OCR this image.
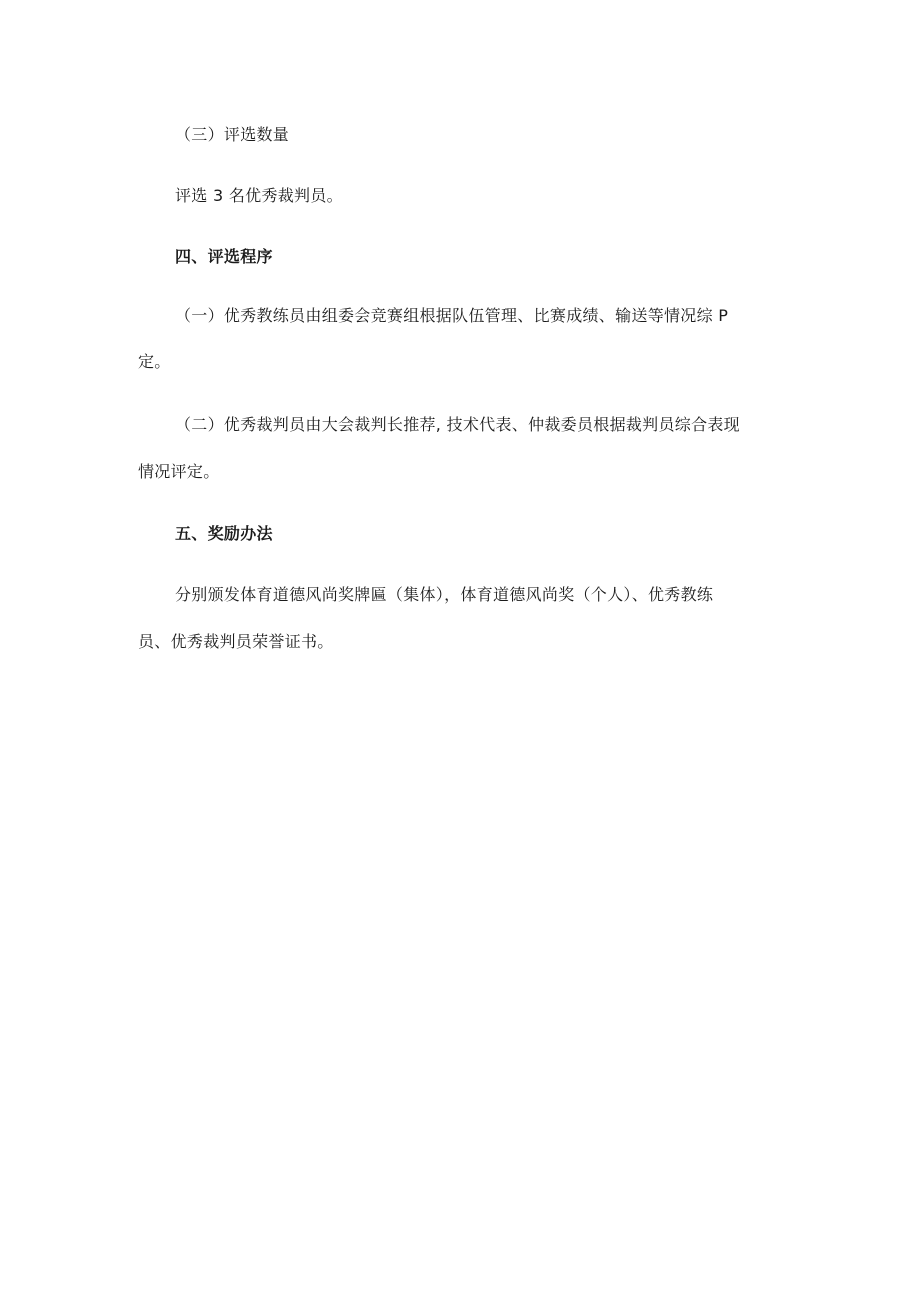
（三）评选数量
评选 3 名优秀裁判员。
四、评选程序
（一）优秀教练员由组委会竞赛组根据队伍管理、比赛成绩、输送等情况综 P
定。
（二）优秀裁判员由大会裁判长推荐, 技术代表、仲裁委员根据裁判员综合表现
情况评定。
五、奖励办法
分别颁发体育道德风尚奖牌匾（集体），体育道德风尚奖（个人）、优秀教练
员、优秀裁判员荣誉证书。
